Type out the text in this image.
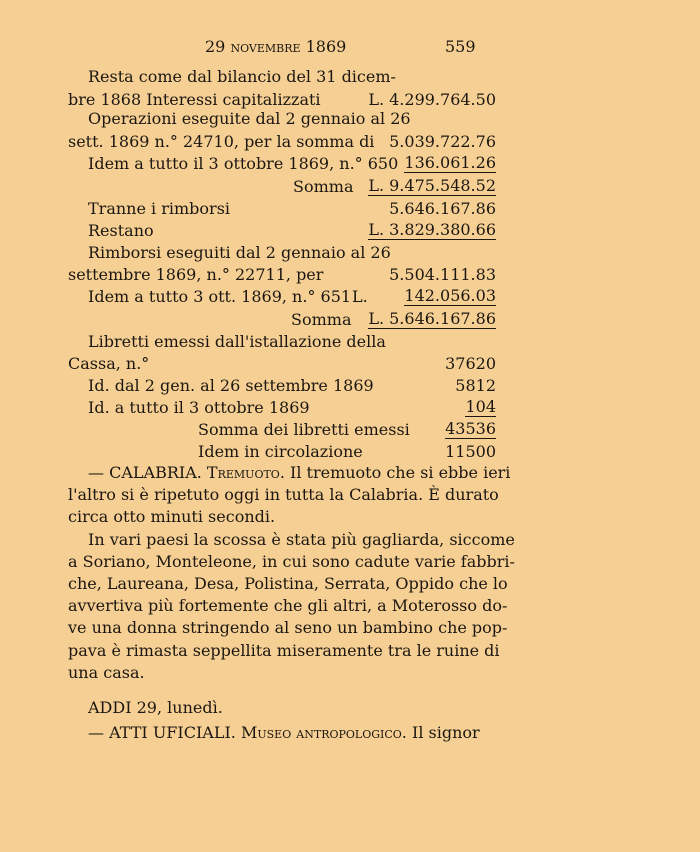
29 novembre 1869	559
Resta come dal bilancio del 31 dicem-
bre 1868 Interessi capitalizzati	L. 4.299.764.50
Operazioni eseguite dal 2 gennaio al 26
sett. 1869 n.° 24710, per la somma di 5.039.722.76
Idem a tutto il 3 ottobre 1869, n.° 650 136.061.26
Somma L. 9.475.548.52
Tranne i rimborsi	5.646.167.86
Restano	L. 3.829.380.66
Rimborsi eseguiti dal 2 gennaio al 26
settembre 1869, n.° 22711, per	5.504.111.83
Idem a tutto 3 ott. 1869, n.° 651 L. 142.056.03
Somma L. 5.646.167.86
Libretti emessi dall'istallazione della
Cassa, n.°	37620
Id. dal 2 gen. al 26 settembre 1869	5812
Id. a tutto il 3 ottobre 1869	104
Somma dei libretti emessi 43536
Idem in circolazione	11500
— CALABRIA. Tremuoto. Il tremuoto che si ebbe ieri
l'altro si è ripetuto oggi in tutta la Calabria. È durato
circa otto minuti secondi.
In vari paesi la scossa è stata più gagliarda, siccome
a Soriano, Monteleone, in cui sono cadute varie fabbri-
che, Laureana, Desa, Polistina, Serrata, Oppido che lo
avvertiva più fortemente che gli altri, a Moterosso do-
ve una donna stringendo al seno un bambino che pop-
pava è rimasta seppellita miseramente tra le ruine di
una casa.
ADDI 29, lunedì.
— ATTI UFICIALI. Museo antropologico. Il signor
